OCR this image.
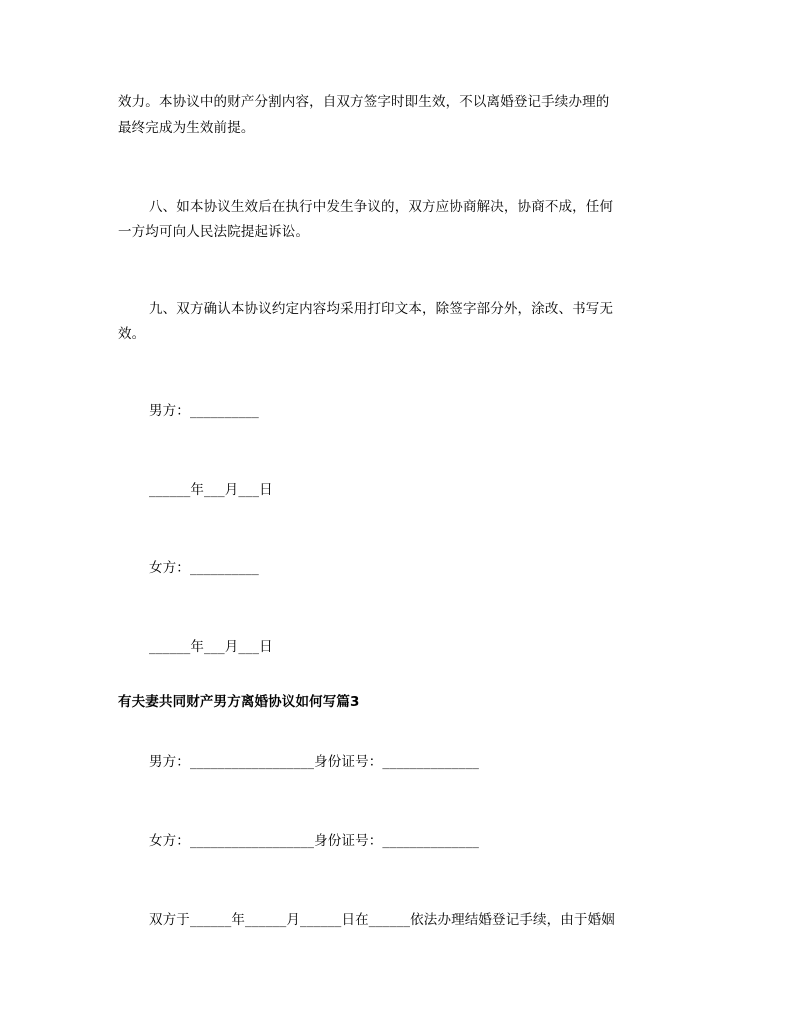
效力。本协议中的财产分割内容，自双方签字时即生效，不以离婚登记手续办理的
最终完成为生效前提。
八、如本协议生效后在执行中发生争议的，双方应协商解决，协商不成，任何
一方均可向人民法院提起诉讼。
九、双方确认本协议约定内容均采用打印文本，除签字部分外，涂改、书写无
效。
男方：__________
______年___月___日
女方：__________
______年___月___日
有夫妻共同财产男方离婚协议如何写篇3
男方：__________________身份证号：______________
女方：__________________身份证号：______________
双方于______年______月______日在______依法办理结婚登记手续，由于婚姻
